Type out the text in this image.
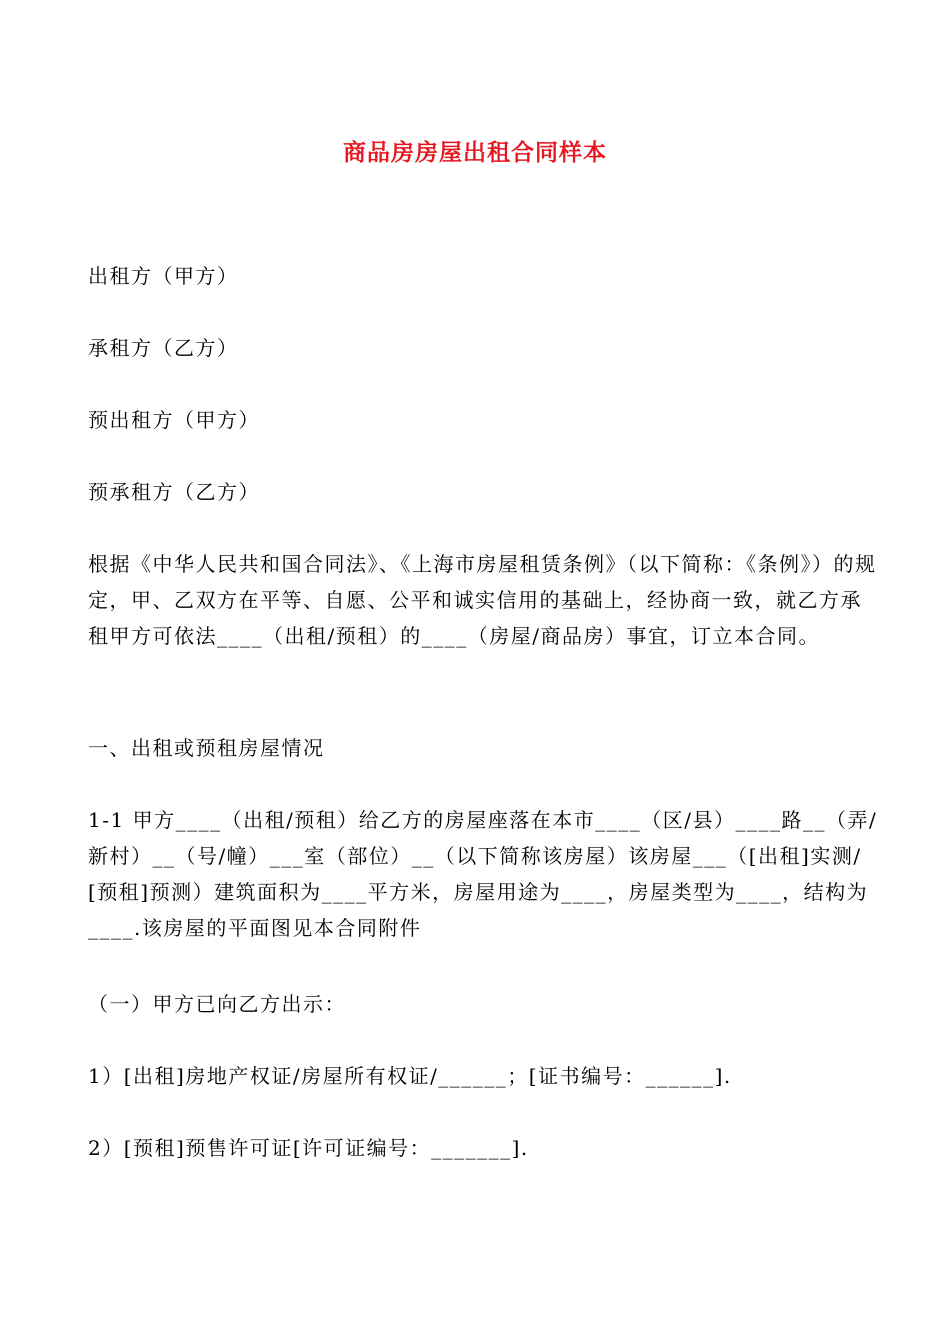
商品房房屋出租合同样本

出租方（甲方）

承租方（乙方）

预出租方（甲方）

预承租方（乙方）

根据《中华人民共和国合同法》、《上海市房屋租赁条例》（以下简称：《条例》）的规定，甲、乙双方在平等、自愿、公平和诚实信用的基础上，经协商一致，就乙方承租甲方可依法____（出租/预租）的____（房屋/商品房）事宜，订立本合同。

一、出租或预租房屋情况

1-1 甲方____（出租/预租）给乙方的房屋座落在本市____（区/县）____路__（弄/新村）__（号/幢）___室（部位）__（以下简称该房屋）该房屋___（[出租]实测/[预租]预测）建筑面积为____平方米，房屋用途为____，房屋类型为____，结构为____.该房屋的平面图见本合同附件

（一）甲方已向乙方出示：

1）[出租]房地产权证/房屋所有权证/______；[证书编号：______].

2）[预租]预售许可证[许可证编号：_______].
